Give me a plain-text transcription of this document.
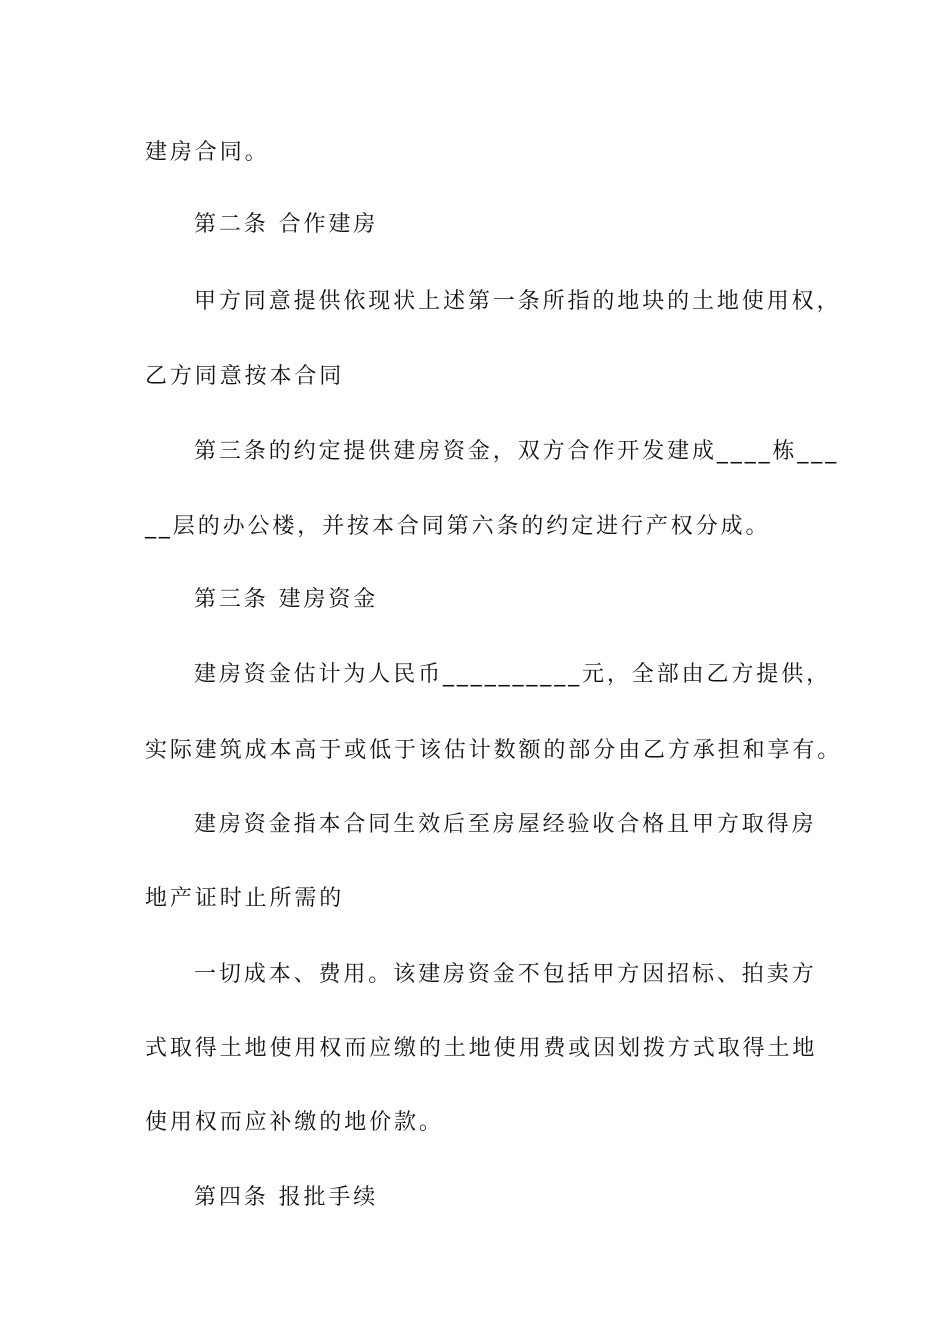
建房合同。
第二条 合作建房
甲方同意提供依现状上述第一条所指的地块的土地使用权，
乙方同意按本合同
第三条的约定提供建房资金，双方合作开发建成____栋___
__层的办公楼，并按本合同第六条的约定进行产权分成。
第三条 建房资金
建房资金估计为人民币__________元，全部由乙方提供，
实际建筑成本高于或低于该估计数额的部分由乙方承担和享有。
建房资金指本合同生效后至房屋经验收合格且甲方取得房
地产证时止所需的
一切成本、费用。该建房资金不包括甲方因招标、拍卖方
式取得土地使用权而应缴的土地使用费或因划拨方式取得土地
使用权而应补缴的地价款。
第四条 报批手续
